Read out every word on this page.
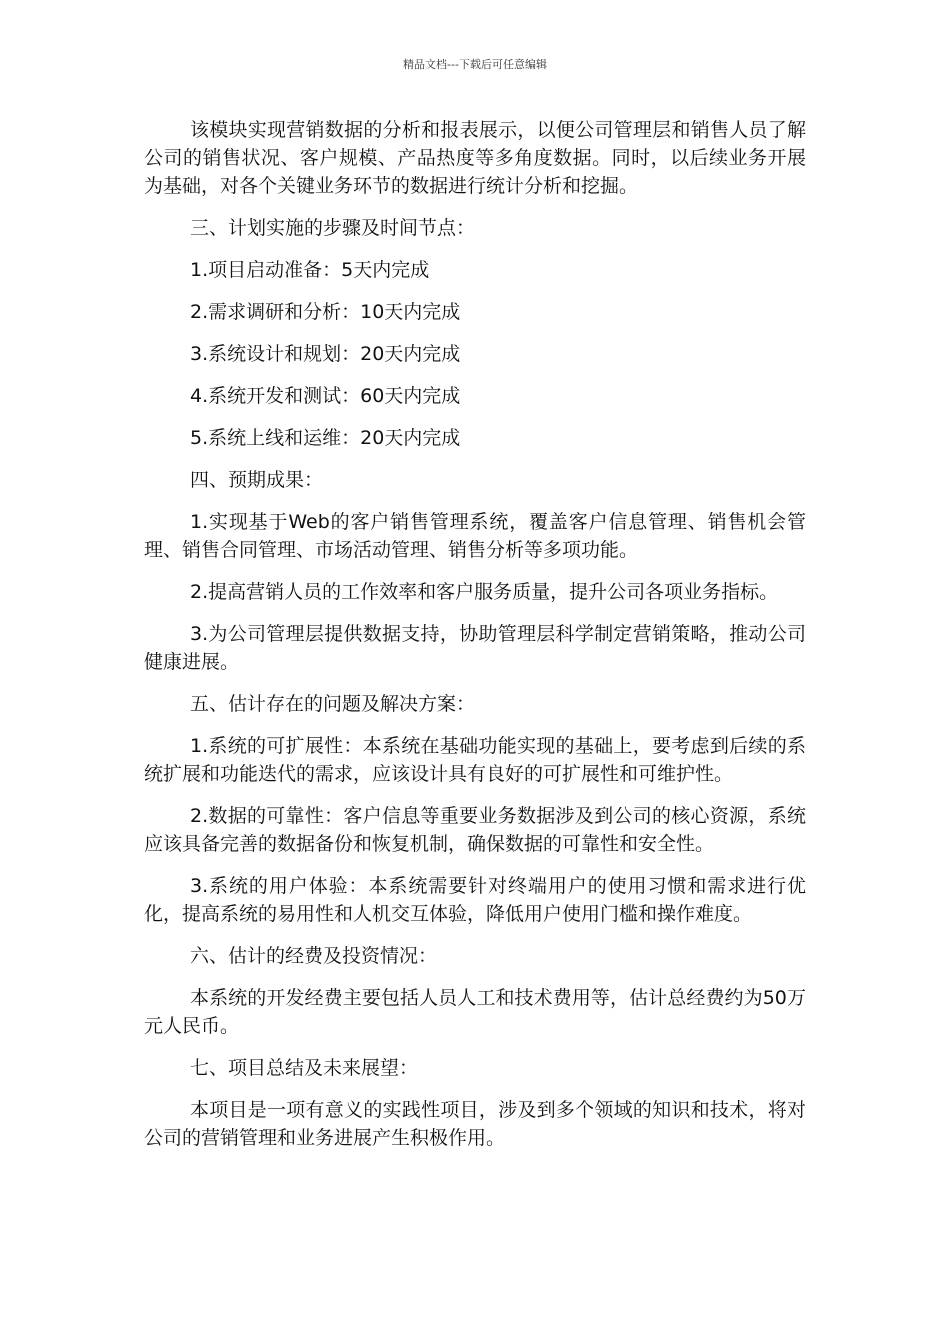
精品文档---下载后可任意编辑

该模块实现营销数据的分析和报表展示，以便公司管理层和销售人员了解公司的销售状况、客户规模、产品热度等多角度数据。同时，以后续业务开展为基础，对各个关键业务环节的数据进行统计分析和挖掘。

三、计划实施的步骤及时间节点：

1.项目启动准备：5天内完成

2.需求调研和分析：10天内完成

3.系统设计和规划：20天内完成

4.系统开发和测试：60天内完成

5.系统上线和运维：20天内完成

四、预期成果：

1.实现基于Web的客户销售管理系统，覆盖客户信息管理、销售机会管理、销售合同管理、市场活动管理、销售分析等多项功能。

2.提高营销人员的工作效率和客户服务质量，提升公司各项业务指标。

3.为公司管理层提供数据支持，协助管理层科学制定营销策略，推动公司健康进展。

五、估计存在的问题及解决方案：

1.系统的可扩展性：本系统在基础功能实现的基础上，要考虑到后续的系统扩展和功能迭代的需求，应该设计具有良好的可扩展性和可维护性。

2.数据的可靠性：客户信息等重要业务数据涉及到公司的核心资源，系统应该具备完善的数据备份和恢复机制，确保数据的可靠性和安全性。

3.系统的用户体验：本系统需要针对终端用户的使用习惯和需求进行优化，提高系统的易用性和人机交互体验，降低用户使用门槛和操作难度。

六、估计的经费及投资情况：

本系统的开发经费主要包括人员人工和技术费用等，估计总经费约为50万元人民币。

七、项目总结及未来展望：

本项目是一项有意义的实践性项目，涉及到多个领域的知识和技术，将对公司的营销管理和业务进展产生积极作用。
